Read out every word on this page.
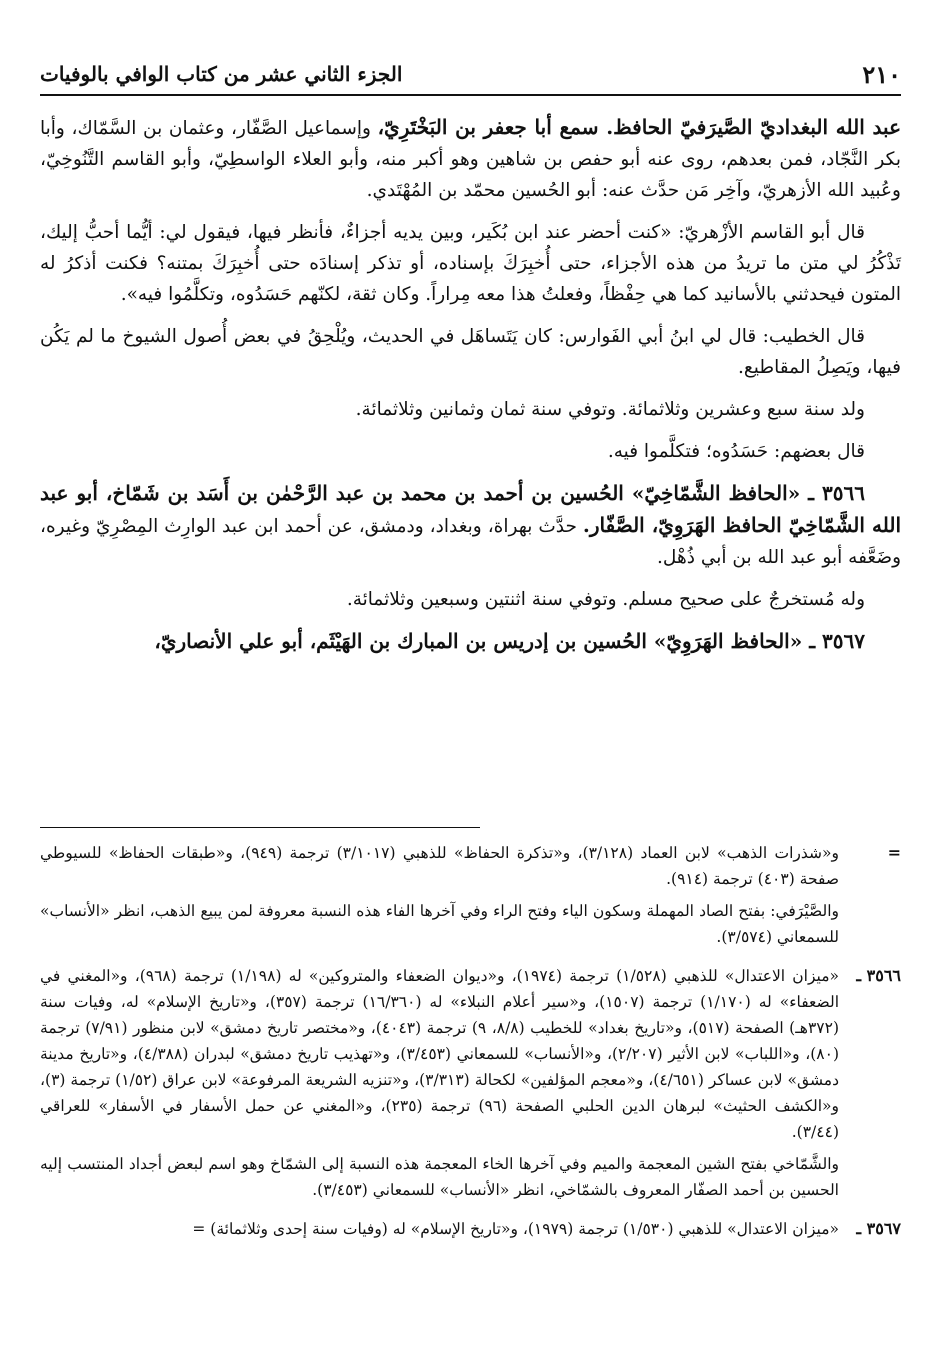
٢١٠
الجزء الثاني عشر من كتاب الوافي بالوفيات

عبد الله البغداديّ الصَّيرَفيّ الحافظ. سمع أبا جعفر بن البَخْتَرِيّ، وإسماعيل الصَّفّار، وعثمان بن السَّمّاك، وأبا بكر النَّجّاد، فمن بعدهم، روى عنه أبو حفص بن شاهين وهو أكبر منه، وأبو العلاء الواسطِيّ، وأبو القاسم التَّنُوخِيّ، وعُبيد الله الأزهريّ، وآخِر مَن حدَّث عنه: أبو الحُسين محمّد بن المُهْتَدي.

قال أبو القاسم الأزْهريّ: «كنت أحضر عند ابن بُكَير، وبين يديه أجزاءٌ، فأنظر فيها، فيقول لي: أيُّما أحبُّ إليك، تَذْكُرُ لي متن ما تريدُ من هذه الأجزاء، حتى أُخبِرَكَ بإسناده، أو تذكر إسنادَه حتى أُخبِرَكَ بمتنه؟ فكنت أذكرُ له المتون فيحدثني بالأسانيد كما هي حِفْظاً، وفعلتُ هذا معه مِراراً. وكان ثقة، لكنّهم حَسَدُوه، وتكلَّمُوا فيه».

قال الخطيب: قال لي ابنُ أبي الفَوارس: كان يَتَساهَل في الحديث، ويُلْحِقُ في بعض أُصول الشيوخ ما لم يَكُن فيها، ويَصِلُ المقاطيع.

ولد سنة سبع وعشرين وثلاثمائة. وتوفي سنة ثمان وثمانين وثلاثمائة.

قال بعضهم: حَسَدُوه؛ فتكلَّموا فيه.

٣٥٦٦ ـ «الحافظ الشَّمّاخِيّ» الحُسين بن أحمد بن محمد بن عبد الرَّحْمٰن بن أَسَد بن شَمّاخ، أبو عبد الله الشَّمّاخِيّ الحافظ الهَرَوِيّ، الصَّفّار. حدَّث بهراة، وبغداد، ودمشق، عن أحمد ابن عبد الوارِث المِصْرِيّ وغيره، وضَعَّفه أبو عبد الله بن أبي ذُهْل.

وله مُستخرجٌ على صحيح مسلم. وتوفي سنة اثنتين وسبعين وثلاثمائة.

٣٥٦٧ ـ «الحافظ الهَرَوِيّ» الحُسين بن إدريس بن المبارك بن الهَيْثَم، أبو علي الأنصاريّ،

=

و«شذرات الذهب» لابن العماد (٣/١٢٨)، و«تذكرة الحفاظ» للذهبي (٣/١٠١٧) ترجمة (٩٤٩)، و«طبقات الحفاظ» للسيوطي صفحة (٤٠٣) ترجمة (٩١٤).

والصَّيْرَفي: بفتح الصاد المهملة وسكون الياء وفتح الراء وفي آخرها الفاء هذه النسبة معروفة لمن يبيع الذهب، انظر «الأنساب» للسمعاني (٣/٥٧٤).

٣٥٦٦ ـ

«ميزان الاعتدال» للذهبي (١/٥٢٨) ترجمة (١٩٧٤)، و«ديوان الضعفاء والمتروكين» له (١/١٩٨) ترجمة (٩٦٨)، و«المغني في الضعفاء» له (١/١٧٠) ترجمة (١٥٠٧)، و«سير أعلام النبلاء» له (١٦/٣٦٠) ترجمة (٣٥٧)، و«تاريخ الإسلام» له، وفيات سنة (٣٧٢هـ) الصفحة (٥١٧)، و«تاريخ بغداد» للخطيب (٨/٨، ٩) ترجمة (٤٠٤٣)، و«مختصر تاريخ دمشق» لابن منظور (٧/٩١) ترجمة (٨٠)، و«اللباب» لابن الأثير (٢/٢٠٧)، و«الأنساب» للسمعاني (٣/٤٥٣)، و«تهذيب تاريخ دمشق» لبدران (٤/٣٨٨)، و«تاريخ مدينة دمشق» لابن عساكر (٤/٦٥١)، و«معجم المؤلفين» لكحالة (٣/٣١٣)، و«تنزيه الشريعة المرفوعة» لابن عراق (١/٥٢) ترجمة (٣)، و«الكشف الحثيث» لبرهان الدين الحلبي الصفحة (٩٦) ترجمة (٢٣٥)، و«المغني عن حمل الأسفار في الأسفار» للعراقي (٣/٤٤).

والشَّمّاخي بفتح الشين المعجمة والميم وفي آخرها الخاء المعجمة هذه النسبة إلى الشمّاخ وهو اسم لبعض أجداد المنتسب إليه الحسين بن أحمد الصفّار المعروف بالشمّاخي، انظر «الأنساب» للسمعاني (٣/٤٥٣).

٣٥٦٧ ـ

«ميزان الاعتدال» للذهبي (١/٥٣٠) ترجمة (١٩٧٩)، و«تاريخ الإسلام» له (وفيات سنة إحدى وثلاثمائة) =
